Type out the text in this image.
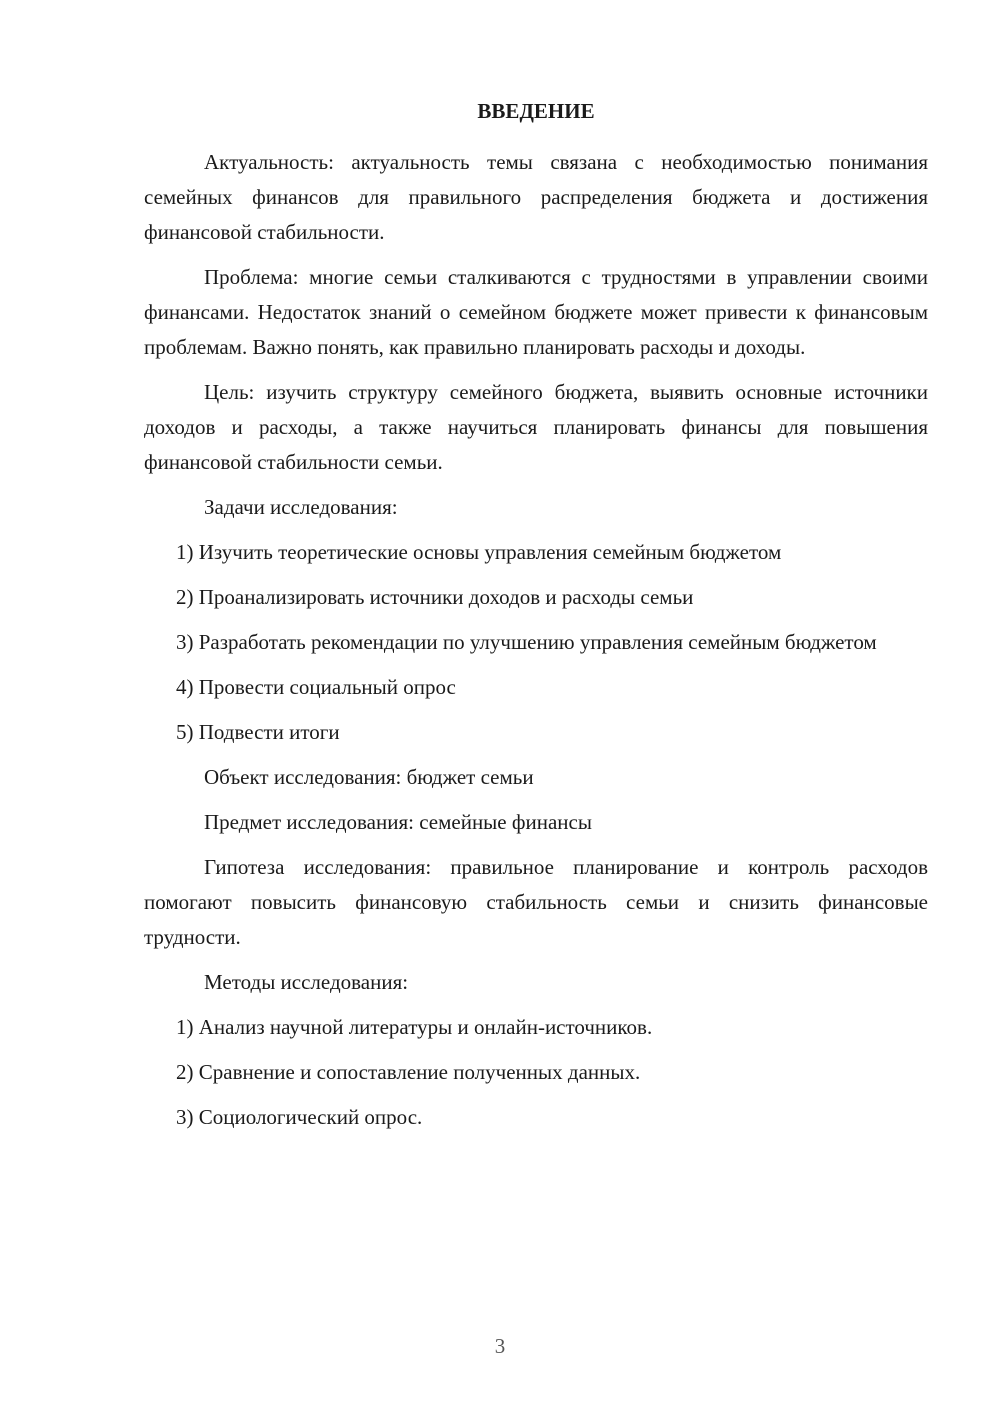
ВВЕДЕНИЕ

Актуальность: актуальность темы связана с необходимостью понимания семейных финансов для правильного распределения бюджета и достижения финансовой стабильности.

Проблема: многие семьи сталкиваются с трудностями в управлении своими финансами. Недостаток знаний о семейном бюджете может привести к финансовым проблемам. Важно понять, как правильно планировать расходы и доходы.

Цель: изучить структуру семейного бюджета, выявить основные источники доходов и расходы, а также научиться планировать финансы для повышения финансовой стабильности семьи.

Задачи исследования:

1) Изучить теоретические основы управления семейным бюджетом

2) Проанализировать источники доходов и расходы семьи

3) Разработать рекомендации по улучшению управления семейным бюджетом

4) Провести социальный опрос

5) Подвести итоги

Объект исследования: бюджет семьи

Предмет исследования: семейные финансы

Гипотеза исследования: правильное планирование и контроль расходов помогают повысить финансовую стабильность семьи и снизить финансовые трудности.

Методы исследования:

1) Анализ научной литературы и онлайн-источников.

2) Сравнение и сопоставление полученных данных.

3) Социологический опрос.

3
